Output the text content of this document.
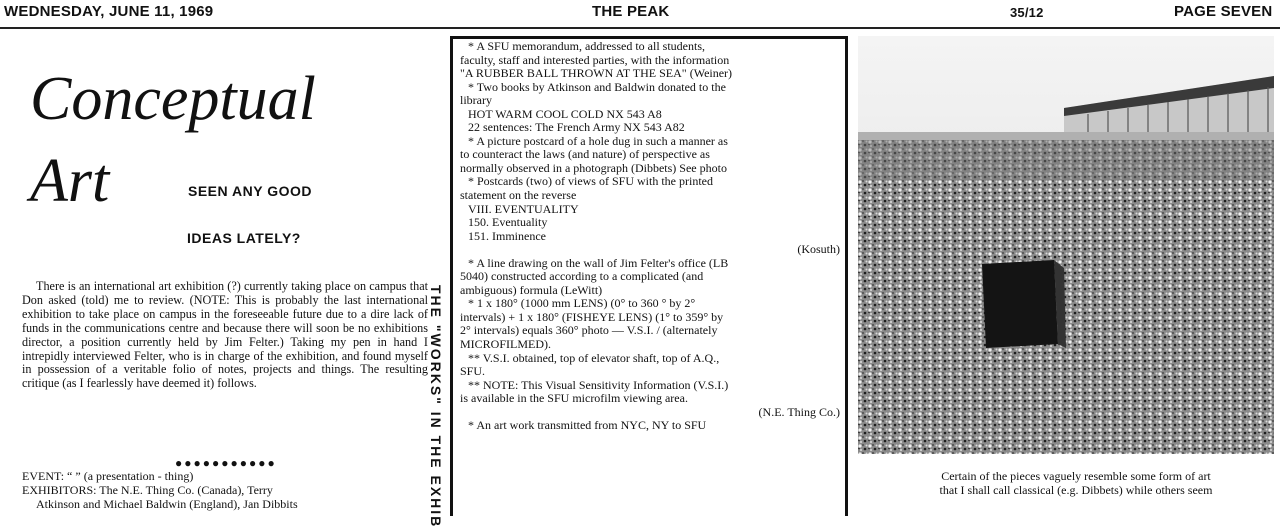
WEDNESDAY, JUNE 11, 1969	THE PEAK	35/12	PAGE SEVEN
Conceptual
Art	SEEN ANY GOOD
IDEAS LATELY?

There is an international art exhibition (?) currently taking place on campus that Don asked (told) me to review. (NOTE: This is probably the last international exhibition to take place on campus in the foreseeable future due to a dire lack of funds in the communications centre and because there will soon be no exhibitions director, a position currently held by Jim Felter.) Taking my pen in hand I intrepidly interviewed Felter, who is in charge of the exhibition, and found myself in possession of a veritable folio of notes, projects and things. The resulting critique (as I fearlessly have deemed it) follows.

●●●●●●●●●●●
EVENT: “ ” (a presentation - thing)
EXHIBITORS: The N.E. Thing Co. (Canada), Terry
Atkinson and Michael Baldwin (England), Jan Dibbits	THE "WORKS" IN THE EXHIB
* A SFU memorandum, addressed to all students,
faculty, staff and interested parties, with the information
"A RUBBER BALL THROWN AT THE SEA" (Weiner)
* Two books by Atkinson and Baldwin donated to the
library
HOT WARM COOL COLD NX 543 A8
22 sentences: The French Army NX 543 A82
* A picture postcard of a hole dug in such a manner as
to counteract the laws (and nature) of perspective as
normally observed in a photograph (Dibbets) See photo
* Postcards (two) of views of SFU with the printed
statement on the reverse
VIII. EVENTUALITY
150. Eventuality
151. Imminence
(Kosuth)
* A line drawing on the wall of Jim Felter's office (LB
5040) constructed according to a complicated (and
ambiguous) formula (LeWitt)
* 1 x 180° (1000 mm LENS) (0° to 360 ° by 2°
intervals) + 1 x 180° (FISHEYE LENS) (1° to 359° by
2° intervals) equals 360° photo — V.S.I. / (alternately
MICROFILMED).
** V.S.I. obtained, top of elevator shaft, top of A.Q.,
SFU.
** NOTE: This Visual Sensitivity Information (V.S.I.)
is available in the SFU microfilm viewing area.
(N.E. Thing Co.)
* An art work transmitted from NYC, NY to SFU
Certain of the pieces vaguely resemble some form of art
that I shall call classical (e.g. Dibbets) while others seem
